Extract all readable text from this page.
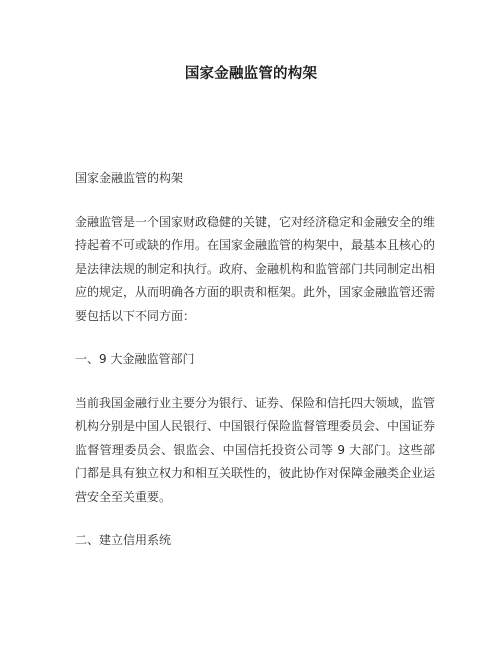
国家金融监管的构架

国家金融监管的构架

金融监管是一个国家财政稳健的关键，它对经济稳定和金融安全的维持起着不可或缺的作用。在国家金融监管的构架中，最基本且核心的是法律法规的制定和执行。政府、金融机构和监管部门共同制定出相应的规定，从而明确各方面的职责和框架。此外，国家金融监管还需要包括以下不同方面：

一、9 大金融监管部门

当前我国金融行业主要分为银行、证券、保险和信托四大领域，监管机构分别是中国人民银行、中国银行保险监督管理委员会、中国证券监督管理委员会、银监会、中国信托投资公司等 9 大部门。这些部门都是具有独立权力和相互关联性的，彼此协作对保障金融类企业运营安全至关重要。

二、建立信用系统
